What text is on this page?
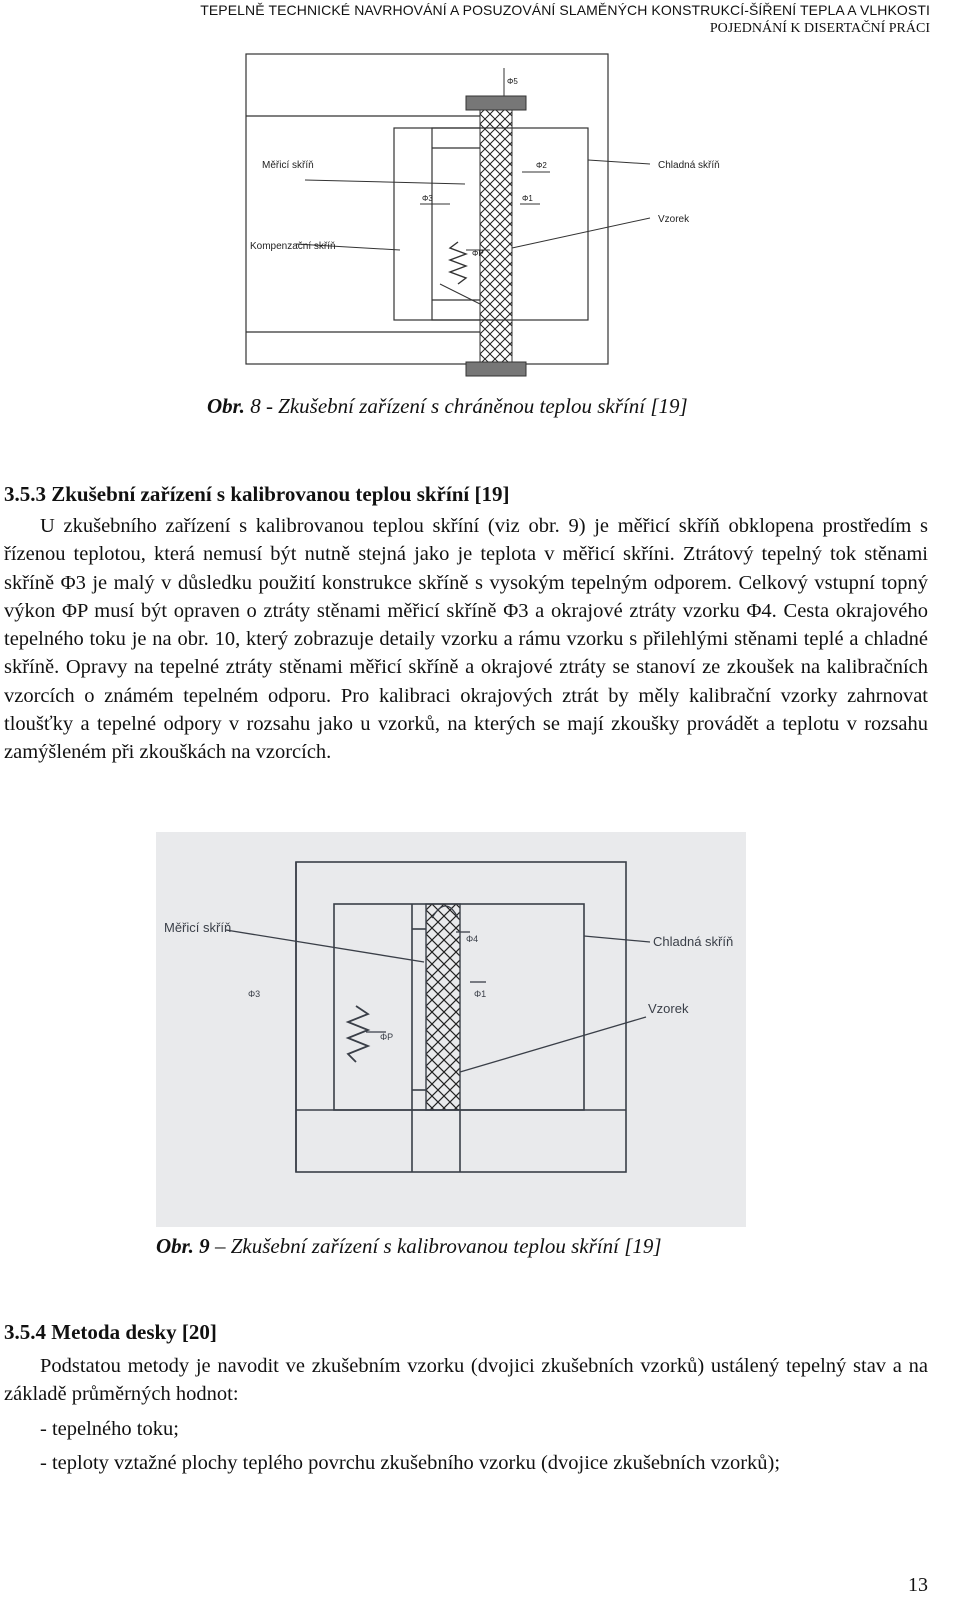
TEPELNĚ TECHNICKÉ NAVRHOVÁNÍ A POSUZOVÁNÍ SLAMĚNÝCH KONSTRUKCÍ-ŠÍŘENÍ TEPLA A VLHKOSTI
POJEDNÁNÍ K DISERTAČNÍ PRÁCI
Φ5
Φ2
Φ3	Φ1
ΦP
Měřicí skříň
Kompenzační skříň
Chladná skříň
Vzorek
Obr. 8 - Zkušební zařízení s chráněnou teplou skříní [19]
3.5.3 Zkušební zařízení s kalibrovanou teplou skříní [19]
U zkušebního zařízení s kalibrovanou teplou skříní (viz obr. 9) je měřicí skříň obklopena prostředím s řízenou teplotou, která nemusí být nutně stejná jako je teplota v měřicí skříni. Ztrátový tepelný tok stěnami skříně Φ3 je malý v důsledku použití konstrukce skříně s vysokým tepelným odporem. Celkový vstupní topný výkon ΦP musí být opraven o ztráty stěnami měřicí skříně Φ3 a okrajové ztráty vzorku Φ4. Cesta okrajového tepelného toku je na obr. 10, který zobrazuje detaily vzorku a rámu vzorku s přilehlými stěnami teplé a chladné skříně. Opravy na tepelné ztráty stěnami měřicí skříně a okrajové ztráty se stanoví ze zkoušek na kalibračních vzorcích o známém tepelném odporu. Pro kalibraci okrajových ztrát by měly kalibrační vzorky zahrnovat tloušťky a tepelné odpory v rozsahu jako u vzorků, na kterých se mají zkoušky provádět a teplotu v rozsahu zamýšleném při zkouškách na vzorcích.
Φ4
Φ3	Φ1
ΦP
Měřicí skříň
Chladná skříň
Vzorek
Obr. 9 – Zkušební zařízení s kalibrovanou teplou skříní [19]
3.5.4 Metoda desky [20]
Podstatou metody je navodit ve zkušebním vzorku (dvojici zkušebních vzorků) ustálený tepelný stav a na základě průměrných hodnot:
- tepelného toku;
- teploty vztažné plochy teplého povrchu zkušebního vzorku (dvojice zkušebních vzorků);
13
